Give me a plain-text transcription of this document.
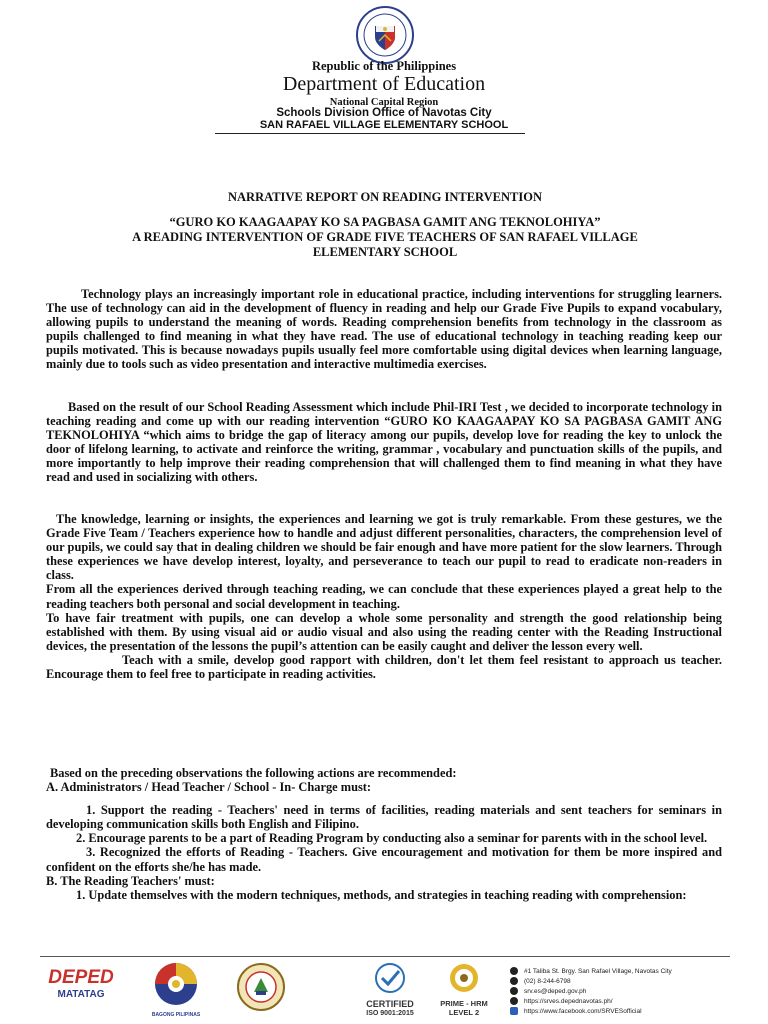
Republic of the Philippines
Department of Education
National Capital Region
Schools Division Office of Navotas City
SAN RAFAEL VILLAGE ELEMENTARY SCHOOL
NARRATIVE REPORT ON READING INTERVENTION
“GURO KO KAAGAAPAY KO SA PAGBASA GAMIT ANG TEKNOLOHIYA”
A READING INTERVENTION OF GRADE FIVE TEACHERS OF SAN RAFAEL VILLAGE
ELEMENTARY SCHOOL

Technology plays an increasingly important role in educational practice, including interventions for struggling learners. The use of technology can aid in the development of fluency in reading and help our Grade Five Pupils to expand vocabulary, allowing pupils to understand the meaning of words. Reading comprehension benefits from technology in the classroom as pupils challenged to find meaning in what they have read. The use of educational technology in teaching reading keep our pupils motivated. This is because nowadays pupils usually feel more comfortable using digital devices when learning language, mainly due to tools such as video presentation and interactive multimedia exercises.

Based on the result of our School Reading Assessment which include Phil-IRI Test , we decided to incorporate technology in teaching reading and come up with our reading intervention “GURO KO KAAGAAPAY KO SA PAGBASA GAMIT ANG TEKNOLOHIYA “which aims to bridge the gap of literacy among our pupils, develop love for reading the key to unlock the door of lifelong learning, to activate and reinforce the writing, grammar , vocabulary and punctuation skills of the pupils, and more importantly to help improve their reading comprehension that will challenged them to find meaning in what they have read and used in socializing with others.

The knowledge, learning or insights, the experiences and learning we got is truly remarkable. From these gestures, we the Grade Five Team / Teachers experience how to handle and adjust different personalities, characters, the comprehension level of our pupils, we could say that in dealing children we should be fair enough and have more patient for the slow learners. Through these experiences we have develop interest, loyalty, and perseverance to teach our pupil to read to eradicate non-readers in class.

From all the experiences derived through teaching reading, we can conclude that these experiences played a great help to the reading teachers both personal and social development in teaching.

To have fair treatment with pupils, one can develop a whole some personality and strength the good relationship being established with them. By using visual aid or audio visual and also using the reading center with the Reading Instructional devices, the presentation of the lessons the pupil’s attention can be easily caught and deliver the lesson every well.

Teach with a smile, develop good rapport with children, don't let them feel resistant to approach us teacher. Encourage them to feel free to participate in reading activities.

Based on the preceding observations the following actions are recommended:

A. Administrators / Head Teacher / School - In- Charge must:

1. Support the reading - Teachers' need in terms of facilities, reading materials and sent teachers for seminars in developing communication skills both English and Filipino.

2. Encourage parents to be a part of Reading Program by conducting also a seminar for parents with in the school level.

3. Recognized the efforts of Reading - Teachers. Give encouragement and motivation for them be more inspired and confident on the efforts she/he has made.

B. The Reading Teachers' must:

1. Update themselves with the modern techniques, methods, and strategies in teaching reading with comprehension:

DEPED
MATATAG
BAGONG PILIPINAS
CERTIFIED
ISO 9001:2015
PRIME - HRM
LEVEL 2
#1 Taliba St. Brgy. San Rafael Village, Navotas City
(02) 8-244-6798
srv.es@deped.gov.ph
https://srves.depednavotas.ph/
https://www.facebook.com/SRVESofficial
